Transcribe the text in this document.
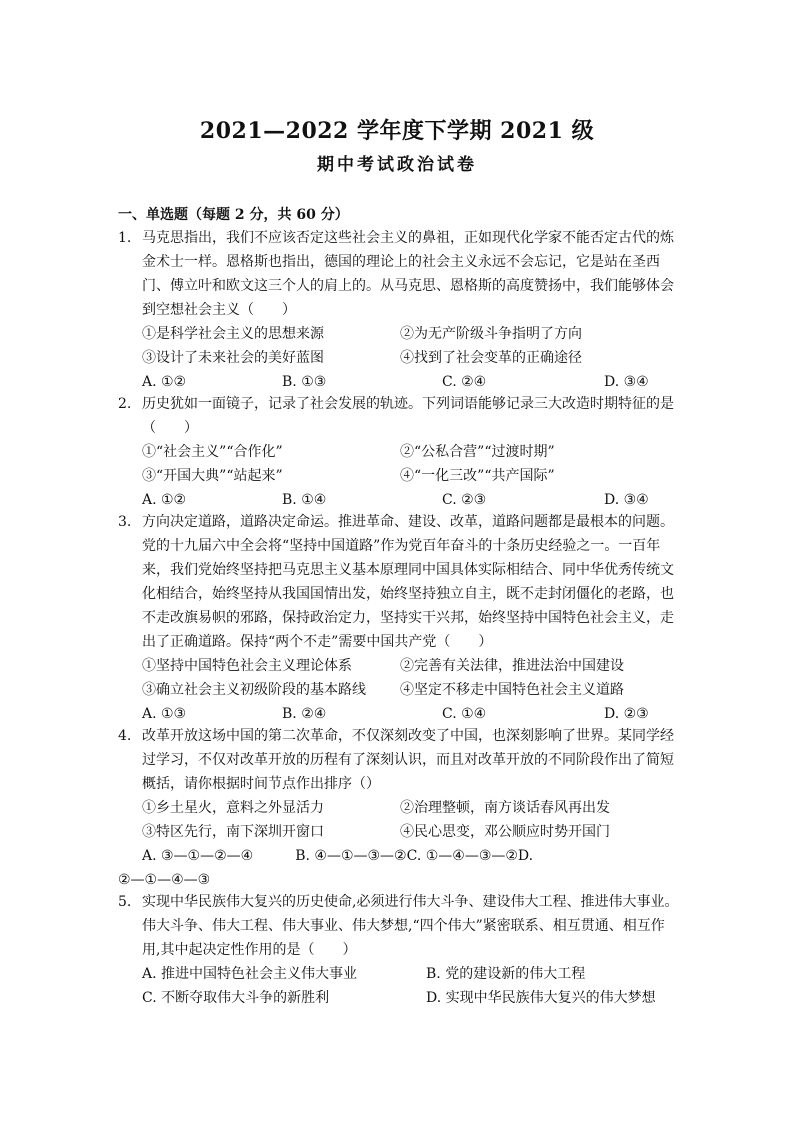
2021—2022 学年度下学期 2021 级
期中考试政治试卷
一、单选题（每题 2 分，共 60 分）
1. 马克思指出，我们不应该否定这些社会主义的鼻祖，正如现代化学家不能否定古代的炼金术士一样。恩格斯也指出，德国的理论上的社会主义永远不会忘记，它是站在圣西门、傅立叶和欧文这三个人的肩上的。从马克思、恩格斯的高度赞扬中，我们能够体会到空想社会主义（　　）
①是科学社会主义的思想来源	②为无产阶级斗争指明了方向
③设计了未来社会的美好蓝图	④找到了社会变革的正确途径
A. ①②	B. ①③	C. ②④	D. ③④
2. 历史犹如一面镜子，记录了社会发展的轨迹。下列词语能够记录三大改造时期特征的是（　　）
①“社会主义”“合作化”	②“公私合营”“过渡时期”
③“开国大典”“站起来”	④“一化三改”“共产国际”
A. ①②	B. ①④	C. ②③	D. ③④
3. 方向决定道路，道路决定命运。推进革命、建设、改革，道路问题都是最根本的问题。党的十九届六中全会将“坚持中国道路”作为党百年奋斗的十条历史经验之一。一百年来，我们党始终坚持把马克思主义基本原理同中国具体实际相结合、同中华优秀传统文化相结合，始终坚持从我国国情出发，始终坚持独立自主，既不走封闭僵化的老路，也不走改旗易帜的邪路，保持政治定力，坚持实干兴邦，始终坚持中国特色社会主义，走出了正确道路。保持“两个不走”需要中国共产党（　　）
①坚持中国特色社会主义理论体系	②完善有关法律，推进法治中国建设
③确立社会主义初级阶段的基本路线 ④坚定不移走中国特色社会主义道路
A. ①③	B. ②④	C. ①④	D. ②③
4. 改革开放这场中国的第二次革命，不仅深刻改变了中国，也深刻影响了世界。某同学经过学习，不仅对改革开放的历程有了深刻认识，而且对改革开放的不同阶段作出了简短概括，请你根据时间节点作出排序（）
①乡土星火，意料之外显活力	②治理整顿，南方谈话春风再出发
③特区先行，南下深圳开窗口	④民心思变，邓公顺应时势开国门
A. ③—①—②—④　　　B. ④—①—③—②C. ①—④—③—②D.
②—①—④—③
5. 实现中华民族伟大复兴的历史使命,必须进行伟大斗争、建设伟大工程、推进伟大事业。伟大斗争、伟大工程、伟大事业、伟大梦想,“四个伟大”紧密联系、相互贯通、相互作用,其中起决定性作用的是（　　）
A. 推进中国特色社会主义伟大事业	B. 党的建设新的伟大工程
C. 不断夺取伟大斗争的新胜利	D. 实现中华民族伟大复兴的伟大梦想
